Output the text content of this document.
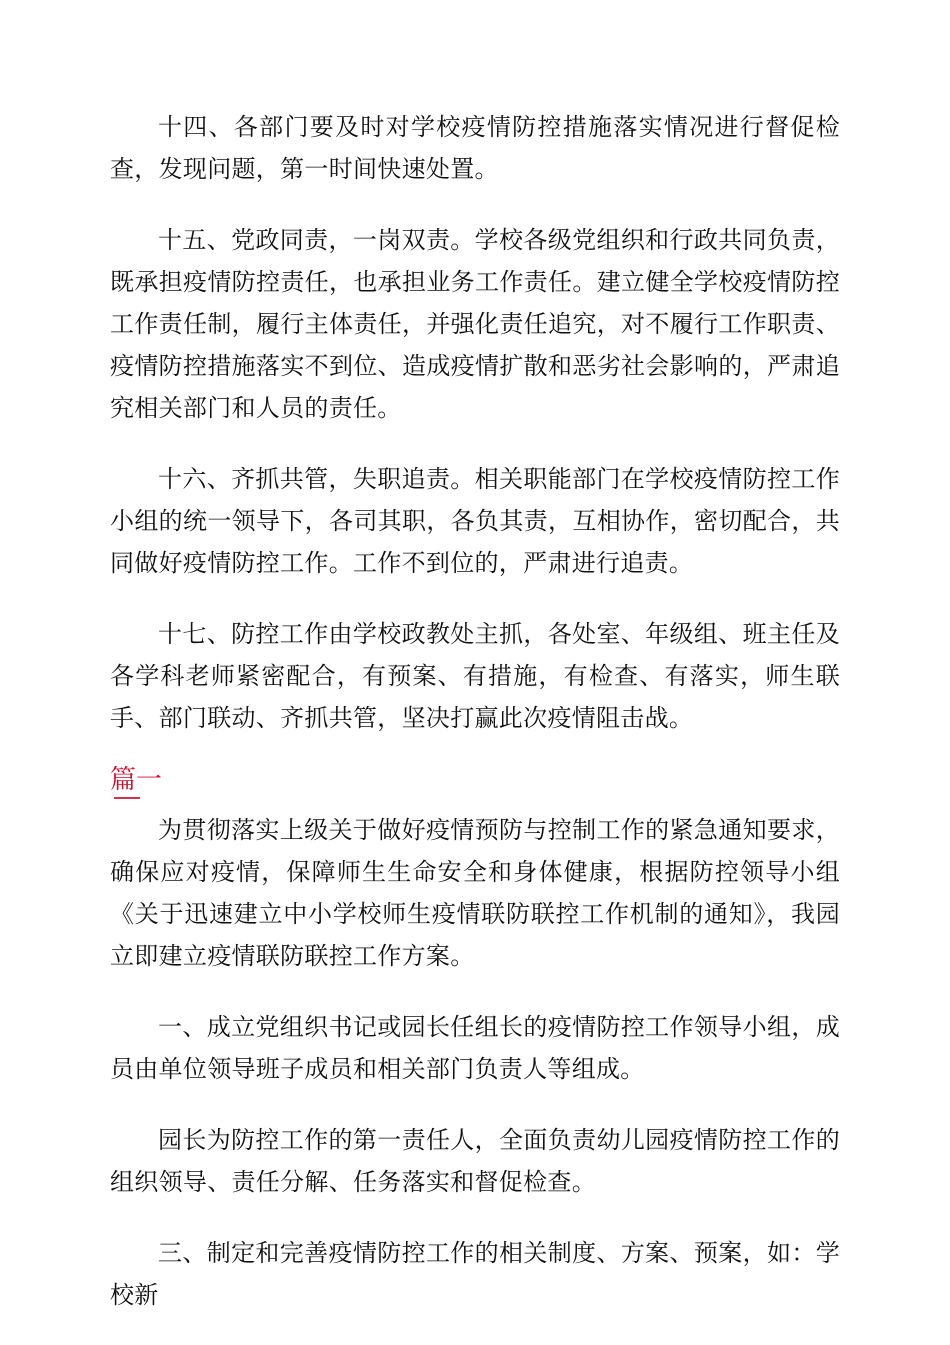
十四、各部门要及时对学校疫情防控措施落实情况进行督促检查，发现问题，第一时间快速处置。

十五、党政同责，一岗双责。学校各级党组织和行政共同负责，既承担疫情防控责任，也承担业务工作责任。建立健全学校疫情防控工作责任制，履行主体责任，并强化责任追究，对不履行工作职责、疫情防控措施落实不到位、造成疫情扩散和恶劣社会影响的，严肃追究相关部门和人员的责任。

十六、齐抓共管，失职追责。相关职能部门在学校疫情防控工作小组的统一领导下，各司其职，各负其责，互相协作，密切配合，共同做好疫情防控工作。工作不到位的，严肃进行追责。

十七、防控工作由学校政教处主抓，各处室、年级组、班主任及各学科老师紧密配合，有预案、有措施，有检查、有落实，师生联手、部门联动、齐抓共管，坚决打赢此次疫情阻击战。

篇一

为贯彻落实上级关于做好疫情预防与控制工作的紧急通知要求，确保应对疫情，保障师生生命安全和身体健康，根据防控领导小组《关于迅速建立中小学校师生疫情联防联控工作机制的通知》，我园立即建立疫情联防联控工作方案。

一、成立党组织书记或园长任组长的疫情防控工作领导小组，成员由单位领导班子成员和相关部门负责人等组成。

园长为防控工作的第一责任人，全面负责幼儿园疫情防控工作的组织领导、责任分解、任务落实和督促检查。

三、制定和完善疫情防控工作的相关制度、方案、预案，如：学校新
